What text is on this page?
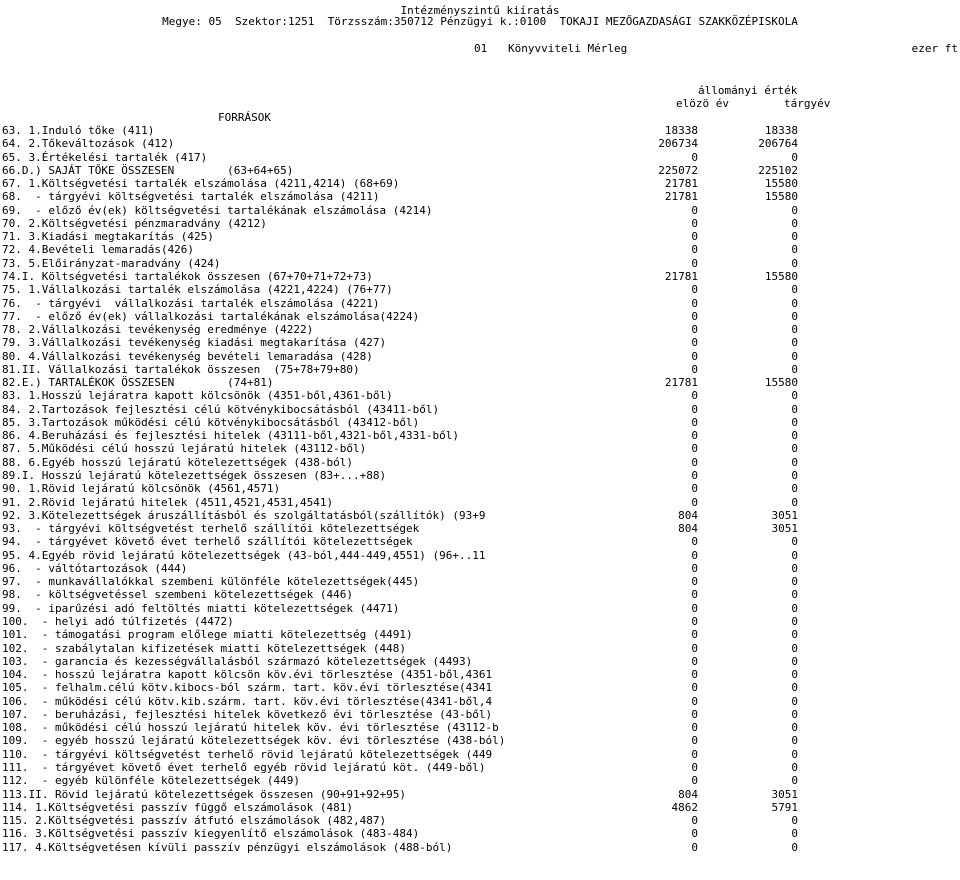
Intézményszintű kiíratás
Megye: 05  Szektor:1251  Törzsszám:350712 Pénzügyi k.:0100  TOKAJI MEZŐGAZDASÁGI SZAKKÖZÉPISKOLA
01 Könyvviteli Mérleg	ezer ft
állományi érték
elözö év	tárgyév
FORRÁSOK
63. 1.Induló tőke (411)	18338	18338
64. 2.Tőkeváltozások (412)	206734	206764
65. 3.Értékelési tartalék (417)	0	0
66.D.) SAJÁT TŐKE ÖSSZESEN        (63+64+65)	225072	225102
67. 1.Költségvetési tartalék elszámolása (4211,4214) (68+69)	21781	15580
68.  - tárgyévi költségvetési tartalék elszámolása (4211)	21781	15580
69.  - előző év(ek) költségvetési tartalékának elszámolása (4214)	0	0
70. 2.Költségvetési pénzmaradvány (4212)	0	0
71. 3.Kiadási megtakarítás (425)	0	0
72. 4.Bevételi lemaradás(426)	0	0
73. 5.Előirányzat-maradvány (424)	0	0
74.I. Költségvetési tartalékok összesen (67+70+71+72+73)	21781	15580
75. 1.Vállalkozási tartalék elszámolása (4221,4224) (76+77)	0	0
76.  - tárgyévi  vállalkozási tartalék elszámolása (4221)	0	0
77.  - előző év(ek) vállalkozási tartalékának elszámolása(4224)	0	0
78. 2.Vállalkozási tevékenység eredménye (4222)	0	0
79. 3.Vállalkozási tevékenység kiadási megtakarítása (427)	0	0
80. 4.Vállalkozási tevékenység bevételi lemaradása (428)	0	0
81.II. Vállalkozási tartalékok összesen  (75+78+79+80)	0	0
82.E.) TARTALÉKOK ÖSSZESEN        (74+81)	21781	15580
83. 1.Hosszú lejáratra kapott kölcsönök (4351-ből,4361-ből)	0	0
84. 2.Tartozások fejlesztési célú kötvénykibocsátásból (43411-ből)	0	0
85. 3.Tartozások működési célú kötvénykibocsátásból (43412-ből)	0	0
86. 4.Beruházási és fejlesztési hitelek (43111-ből,4321-ből,4331-ből)	0	0
87. 5.Működési célú hosszú lejáratú hitelek (43112-ből)	0	0
88. 6.Egyéb hosszú lejáratú kötelezettségek (438-ból)	0	0
89.I. Hosszú lejáratú kötelezettségek összesen (83+...+88)	0	0
90. 1.Rövid lejáratú kölcsönök (4561,4571)	0	0
91. 2.Rövid lejáratú hitelek (4511,4521,4531,4541)	0	0
92. 3.Kötelezettségek áruszállításból és szolgáltatásból(szállítók) (93+9	804	3051
93.  - tárgyévi költségvetést terhelő szállítói kötelezettségek	804	3051
94.  - tárgyévet követő évet terhelő szállítói kötelezettségek	0	0
95. 4.Egyéb rövid lejáratú kötelezettségek (43-ból,444-449,4551) (96+..11	0	0
96.  - váltótartozások (444)	0	0
97.  - munkavállalókkal szembeni különféle kötelezettségek(445)	0	0
98.  - költségvetéssel szembeni kötelezettségek (446)	0	0
99.  - iparűzési adó feltöltés miatti kötelezettségek (4471)	0	0
100.  - helyi adó túlfizetés (4472)	0	0
101.  - támogatási program előlege miatti kötelezettség (4491)	0	0
102.  - szabálytalan kifizetések miatti kötelezettségek (448)	0	0
103.  - garancia és kezességvállalásból származó kötelezettségek (4493)	0	0
104.  - hosszú lejáratra kapott kölcsön köv.évi törlesztése (4351-ből,4361	0	0
105.  - felhalm.célú kötv.kibocs-ból szárm. tart. köv.évi törlesztése(4341	0	0
106.  - működési célú kötv.kib.szárm. tart. köv.évi törlesztése(4341-ből,4	0	0
107.  - beruházási, fejlesztési hitelek következő évi törlesztése (43-ből)	0	0
108.  - működési célú hosszú lejáratú hitelek köv. évi törlesztése (43112-b	0	0
109.  - egyéb hosszú lejáratú kötelezettségek köv. évi törlesztése (438-ból)	0	0
110.  - tárgyévi költségvetést terhelő rövid lejáratú kötelezettségek (449	0	0
111.  - tárgyévet követő évet terhelő egyéb rövid lejáratú köt. (449-ből)	0	0
112.  - egyéb különféle kötelezettségek (449)	0	0
113.II. Rövid lejáratú kötelezettségek összesen (90+91+92+95)	804	3051
114. 1.Költségvetési passzív függő elszámolások (481)	4862	5791
115. 2.Költségvetési passzív átfutó elszámolások (482,487)	0	0
116. 3.Költségvetési passzív kiegyenlítő elszámolások (483-484)	0	0
117. 4.Költségvetésen kívüli passzív pénzügyi elszámolások (488-ból)	0	0
